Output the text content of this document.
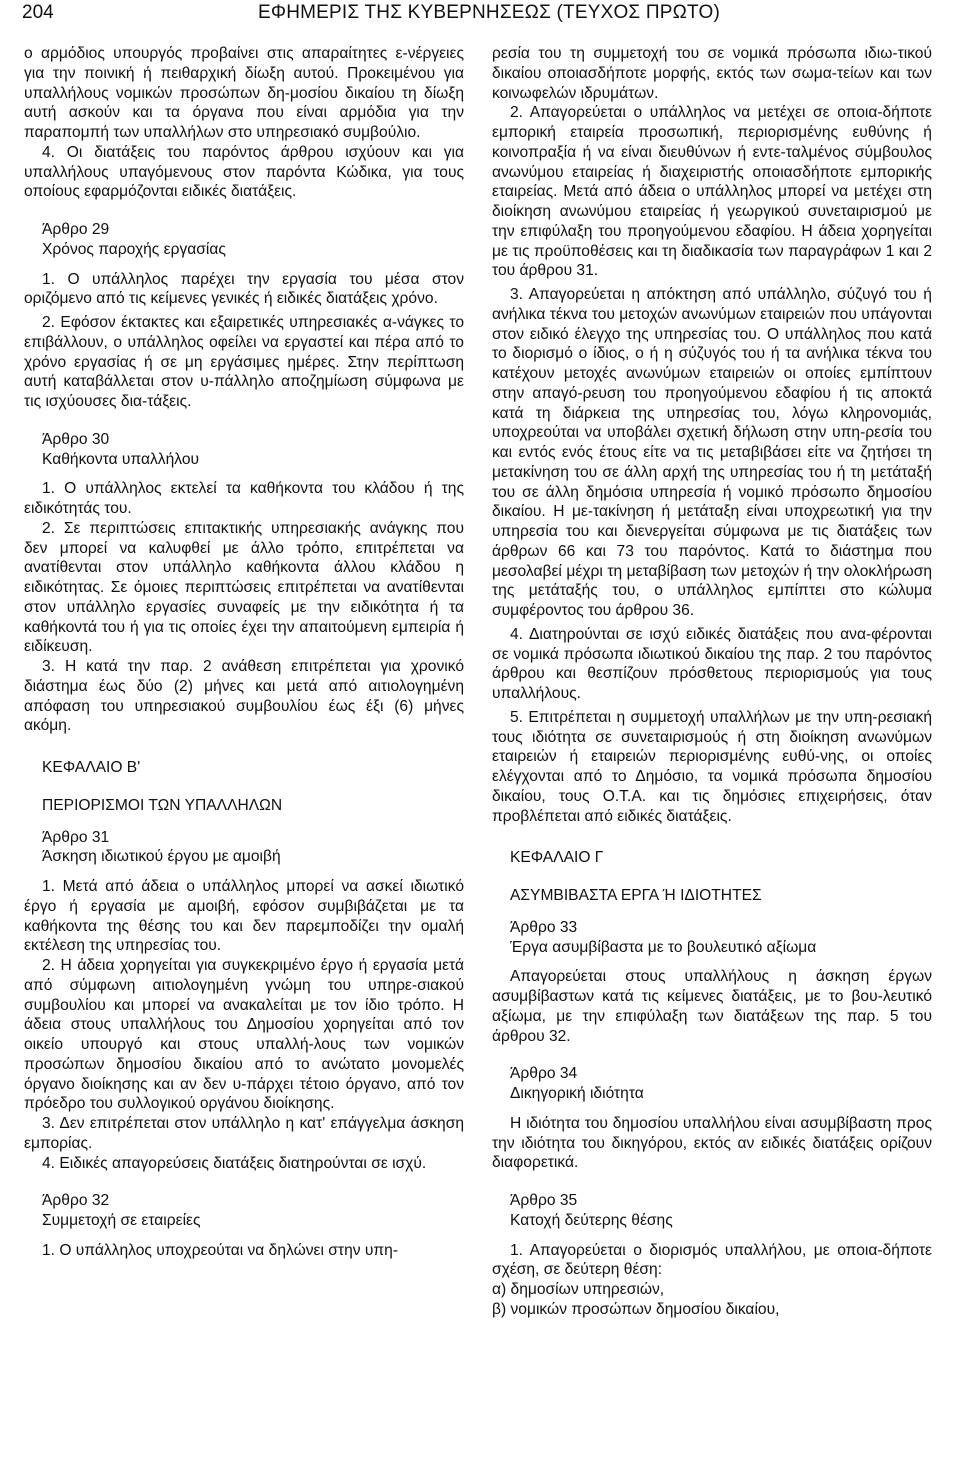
204	ΕΦΗΜΕΡΙΣ ΤΗΣ ΚΥΒΕΡΝΗΣΕΩΣ (ΤΕΥΧΟΣ ΠΡΩΤΟ)

ο αρμόδιος υπουργός προβαίνει στις απαραίτητες ε-νέργειες για την ποινική ή πειθαρχική δίωξη αυτού. Προκειμένου για υπαλλήλους νομικών προσώπων δη-μοσίου δικαίου τη δίωξη αυτή ασκούν και τα όργανα που είναι αρμόδια για την παραπομπή των υπαλλήλων στο υπηρεσιακό συμβούλιο.

4. Οι διατάξεις του παρόντος άρθρου ισχύουν και για υπαλλήλους υπαγόμενους στον παρόντα Κώδικα, για τους οποίους εφαρμόζονται ειδικές διατάξεις.

Άρθρο 29

Χρόνος παροχής εργασίας

1. Ο υπάλληλος παρέχει την εργασία του μέσα στον οριζόμενο από τις κείμενες γενικές ή ειδικές διατάξεις χρόνο.

2. Εφόσον έκτακτες και εξαιρετικές υπηρεσιακές α-νάγκες το επιβάλλουν, ο υπάλληλος οφείλει να εργαστεί και πέρα από το χρόνο εργασίας ή σε μη εργάσιμες ημέρες. Στην περίπτωση αυτή καταβάλλεται στον υ-πάλληλο αποζημίωση σύμφωνα με τις ισχύουσες δια-τάξεις.

Άρθρο 30

Καθήκοντα υπαλλήλου

1. Ο υπάλληλος εκτελεί τα καθήκοντα του κλάδου ή της ειδικότητάς του.

2. Σε περιπτώσεις επιτακτικής υπηρεσιακής ανάγκης που δεν μπορεί να καλυφθεί με άλλο τρόπο, επιτρέπεται να ανατίθενται στον υπάλληλο καθήκοντα άλλου κλάδου η ειδικότητας. Σε όμοιες περιπτώσεις επιτρέπεται να ανατίθενται στον υπάλληλο εργασίες συναφείς με την ειδικότητα ή τα καθήκοντά του ή για τις οποίες έχει την απαιτούμενη εμπειρία ή ειδίκευση.

3. Η κατά την παρ. 2 ανάθεση επιτρέπεται για χρονικό διάστημα έως δύο (2) μήνες και μετά από αιτιολογημένη απόφαση του υπηρεσιακού συμβουλίου έως έξι (6) μήνες ακόμη.

ΚΕΦΑΛΑΙΟ Β'

ΠΕΡΙΟΡΙΣΜΟΙ ΤΩΝ ΥΠΑΛΛΗΛΩΝ

Άρθρο 31

Άσκηση ιδιωτικού έργου με αμοιβή

1. Μετά από άδεια ο υπάλληλος μπορεί να ασκεί ιδιωτικό έργο ή εργασία με αμοιβή, εφόσον συμβιβάζεται με τα καθήκοντα της θέσης του και δεν παρεμποδίζει την ομαλή εκτέλεση της υπηρεσίας του.

2. Η άδεια χορηγείται για συγκεκριμένο έργο ή εργασία μετά από σύμφωνη αιτιολογημένη γνώμη του υπηρε-σιακού συμβουλίου και μπορεί να ανακαλείται με τον ίδιο τρόπο. Η άδεια στους υπαλλήλους του Δημοσίου χορηγείται από τον οικείο υπουργό και στους υπαλλή-λους των νομικών προσώπων δημοσίου δικαίου από το ανώτατο μονομελές όργανο διοίκησης και αν δεν υ-πάρχει τέτοιο όργανο, από τον πρόεδρο του συλλογικού οργάνου διοίκησης.

3. Δεν επιτρέπεται στον υπάλληλο η κατ' επάγγελμα άσκηση εμπορίας.

4. Ειδικές απαγορεύσεις διατάξεις διατηρούνται σε ισχύ.

Άρθρο 32

Συμμετοχή σε εταιρείες

1. Ο υπάλληλος υποχρεούται να δηλώνει στην υπη-

ρεσία του τη συμμετοχή του σε νομικά πρόσωπα ιδιω-τικού δικαίου οποιασδήποτε μορφής, εκτός των σωμα-τείων και των κοινωφελών ιδρυμάτων.

2. Απαγορεύεται ο υπάλληλος να μετέχει σε οποια-δήποτε εμπορική εταιρεία προσωπική, περιορισμένης ευθύνης ή κοινοπραξία ή να είναι διευθύνων ή εντε-ταλμένος σύμβουλος ανωνύμου εταιρείας ή διαχειριστής οποιασδήποτε εμπορικής εταιρείας. Μετά από άδεια ο υπάλληλος μπορεί να μετέχει στη διοίκηση ανωνύμου εταιρείας ή γεωργικού συνεταιρισμού με την επιφύλαξη του προηγούμενου εδαφίου. Η άδεια χορηγείται με τις προϋποθέσεις και τη διαδικασία των παραγράφων 1 και 2 του άρθρου 31.

3. Απαγορεύεται η απόκτηση από υπάλληλο, σύζυγό του ή ανήλικα τέκνα του μετοχών ανωνύμων εταιρειών που υπάγονται στον ειδικό έλεγχο της υπηρεσίας του. Ο υπάλληλος που κατά το διορισμό ο ίδιος, ο ή η σύζυγός του ή τα ανήλικα τέκνα του κατέχουν μετοχές ανωνύμων εταιρειών οι οποίες εμπίπτουν στην απαγό-ρευση του προηγούμενου εδαφίου ή τις αποκτά κατά τη διάρκεια της υπηρεσίας του, λόγω κληρονομιάς, υποχρεούται να υποβάλει σχετική δήλωση στην υπη-ρεσία του και εντός ενός έτους είτε να τις μεταβιβάσει είτε να ζητήσει τη μετακίνηση του σε άλλη αρχή της υπηρεσίας του ή τη μετάταξή του σε άλλη δημόσια υπηρεσία ή νομικό πρόσωπο δημοσίου δικαίου. Η με-τακίνηση ή μετάταξη είναι υποχρεωτική για την υπηρεσία του και διενεργείται σύμφωνα με τις διατάξεις των άρθρων 66 και 73 του παρόντος. Κατά το διάστημα που μεσολαβεί μέχρι τη μεταβίβαση των μετοχών ή την ολοκλήρωση της μετάταξής του, ο υπάλληλος εμπίπτει στο κώλυμα συμφέροντος του άρθρου 36.

4. Διατηρούνται σε ισχύ ειδικές διατάξεις που ανα-φέρονται σε νομικά πρόσωπα ιδιωτικού δικαίου της παρ. 2 του παρόντος άρθρου και θεσπίζουν πρόσθετους περιορισμούς για τους υπαλλήλους.

5. Επιτρέπεται η συμμετοχή υπαλλήλων με την υπη-ρεσιακή τους ιδιότητα σε συνεταιρισμούς ή στη διοίκηση ανωνύμων εταιρειών ή εταιρειών περιορισμένης ευθύ-νης, οι οποίες ελέγχονται από το Δημόσιο, τα νομικά πρόσωπα δημοσίου δικαίου, τους Ο.Τ.Α. και τις δημόσιες επιχειρήσεις, όταν προβλέπεται από ειδικές διατάξεις.

ΚΕΦΑΛΑΙΟ Γ

ΑΣΥΜΒΙΒΑΣΤΑ ΕΡΓΑ Ή ΙΔΙΟΤΗΤΕΣ

Άρθρο 33

Έργα ασυμβίβαστα με το βουλευτικό αξίωμα

Απαγορεύεται στους υπαλλήλους η άσκηση έργων ασυμβίβαστων κατά τις κείμενες διατάξεις, με το βου-λευτικό αξίωμα, με την επιφύλαξη των διατάξεων της παρ. 5 του άρθρου 32.

Άρθρο 34

Δικηγορική ιδιότητα

Η ιδιότητα του δημοσίου υπαλλήλου είναι ασυμβίβαστη προς την ιδιότητα του δικηγόρου, εκτός αν ειδικές διατάξεις ορίζουν διαφορετικά.

Άρθρο 35

Κατοχή δεύτερης θέσης

1. Απαγορεύεται ο διορισμός υπαλλήλου, με οποια-δήποτε σχέση, σε δεύτερη θέση:

α) δημοσίων υπηρεσιών,

β) νομικών προσώπων δημοσίου δικαίου,
